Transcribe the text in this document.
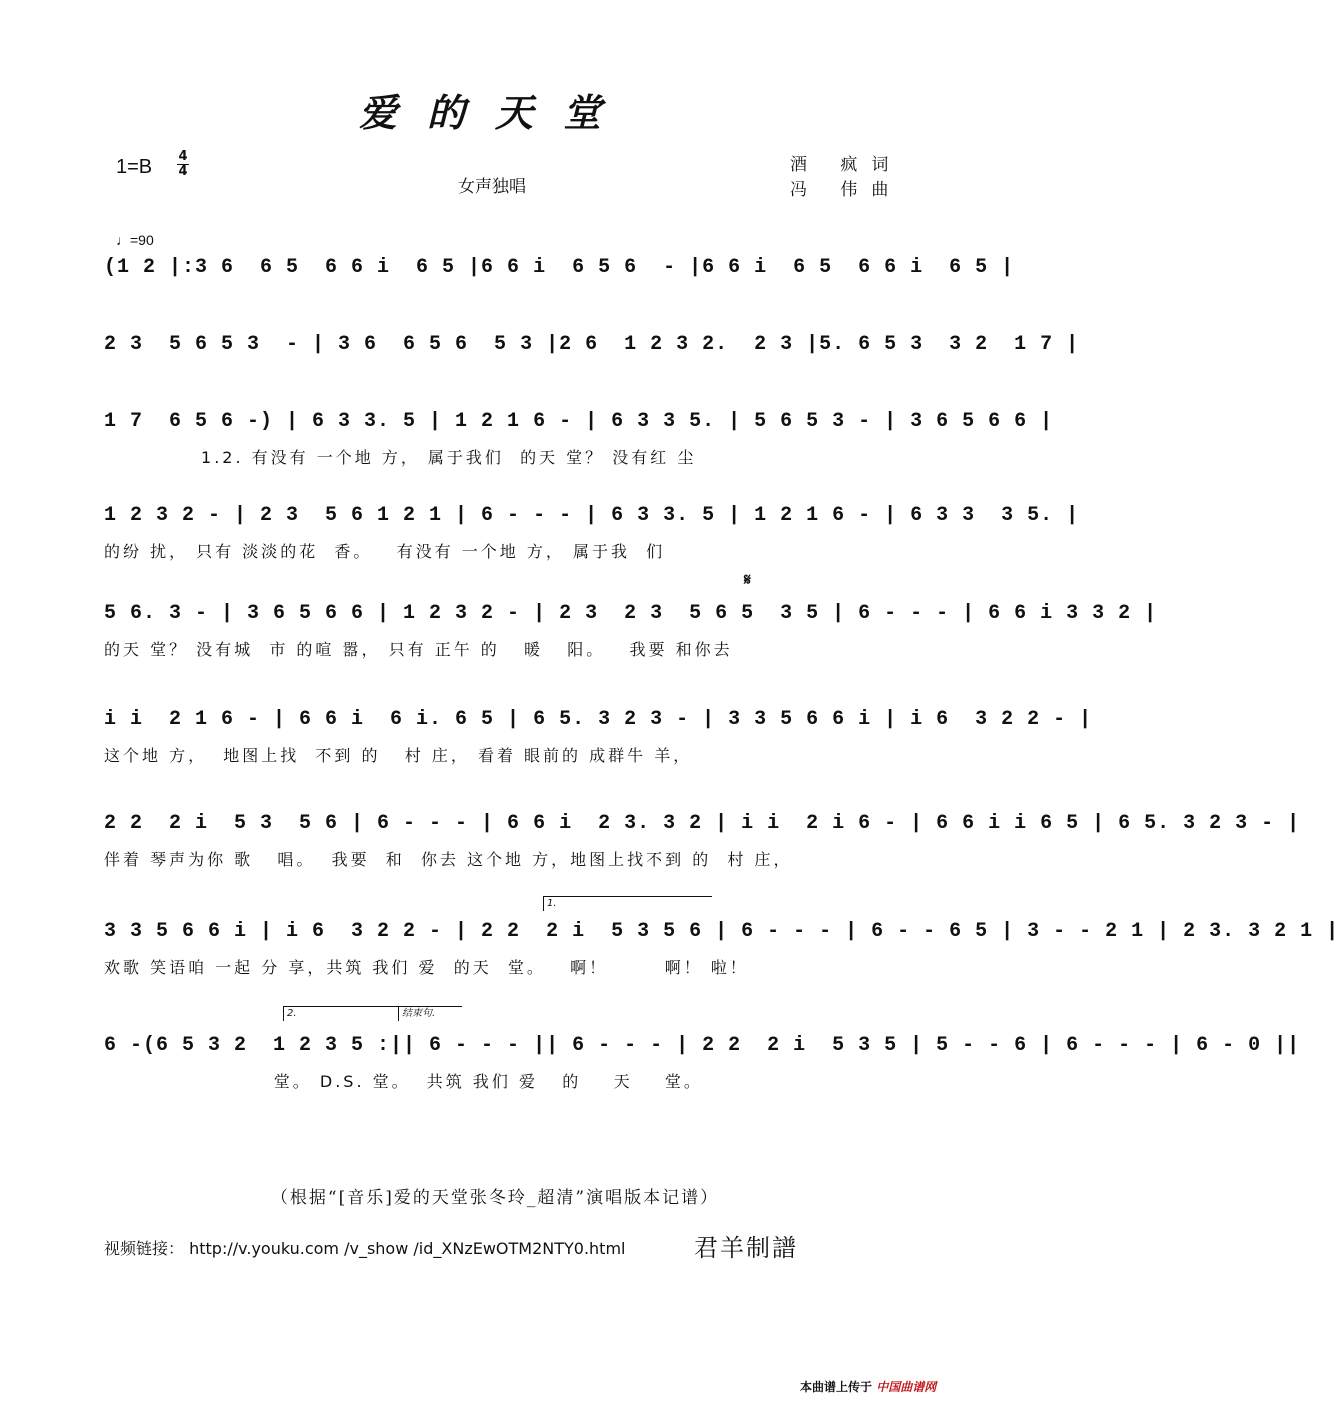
爱的天堂
$1=B \frac{4}{4}$
女声独唱
酒 疯词
冯 伟曲
♩=90
(1 2 |:3 6  6 5  6 6 i  6 5 |6 6 i  6 5 6  - |6 6 i  6 5  6 6 i  6 5 |
2 3  5 6 5 3  - | 3 6  6 5 6  5 3 |2 6  1 2 3 2.  2 3 |5. 6 5 3  3 2  1 7 |
1 7  6 5 6 -) | 6 3 3. 5 | 1 2 1 6 - | 6 3 3 5. | 5 6 5 3 - | 3 6 5 6 6 |
1.2. 有没有 一个地 方， 属于我们  的天 堂？ 没有红 尘
1 2 3 2 - | 2 3  5 6 1 2 1 | 6 - - - | 6 3 3. 5 | 1 2 1 6 - | 6 3 3  3 5. |
的纷 扰， 只有 淡淡的花  香。   有没有 一个地 方， 属于我  们
𝄋
5 6. 3 - | 3 6 5 6 6 | 1 2 3 2 - | 2 3  2 3  5 6 5  3 5 | 6 - - - | 6 6 i 3 3 2 |
的天 堂？ 没有城  市 的喧 嚣， 只有 正午 的   暖   阳。   我要 和你去
i i  2 1 6 - | 6 6 i  6 i. 6 5 | 6 5. 3 2 3 - | 3 3 5 6 6 i | i 6  3 2 2 - |
这个地 方，  地图上找  不到 的   村 庄， 看着 眼前的 成群牛 羊，
2 2  2 i  5 3  5 6 | 6 - - - | 6 6 i  2 3. 3 2 | i i  2 i 6 - | 6 6 i i 6 5 | 6 5. 3 2 3 - |
伴着 琴声为你 歌   唱。  我要  和  你去 这个地 方，地图上找不到 的  村 庄，
1.
3 3 5 6 6 i | i 6  3 2 2 - | 2 2  2 i  5 3 5 6 | 6 - - - | 6 - - 6 5 | 3 - - 2 1 | 2 3. 3 2 1 |
欢歌 笑语咱 一起 分 享，共筑 我们 爱  的天  堂。   啊！       啊！ 啦！
2.	结束句.
6 -(6 5 3 2  1 2 3 5 :|| 6 - - - || 6 - - - | 2 2  2 i  5 3 5 | 5 - - 6 | 6 - - - | 6 - 0 ||
堂。 D.S. 堂。  共筑 我们 爱   的    天    堂。
（根据“[音乐]爱的天堂张冬玲_超清”演唱版本记谱）
视频链接： http://v.youku.com /v_show /id_XNzEwOTM2NTY0.html	君羊制譜
本曲谱上传于 中国曲谱网
